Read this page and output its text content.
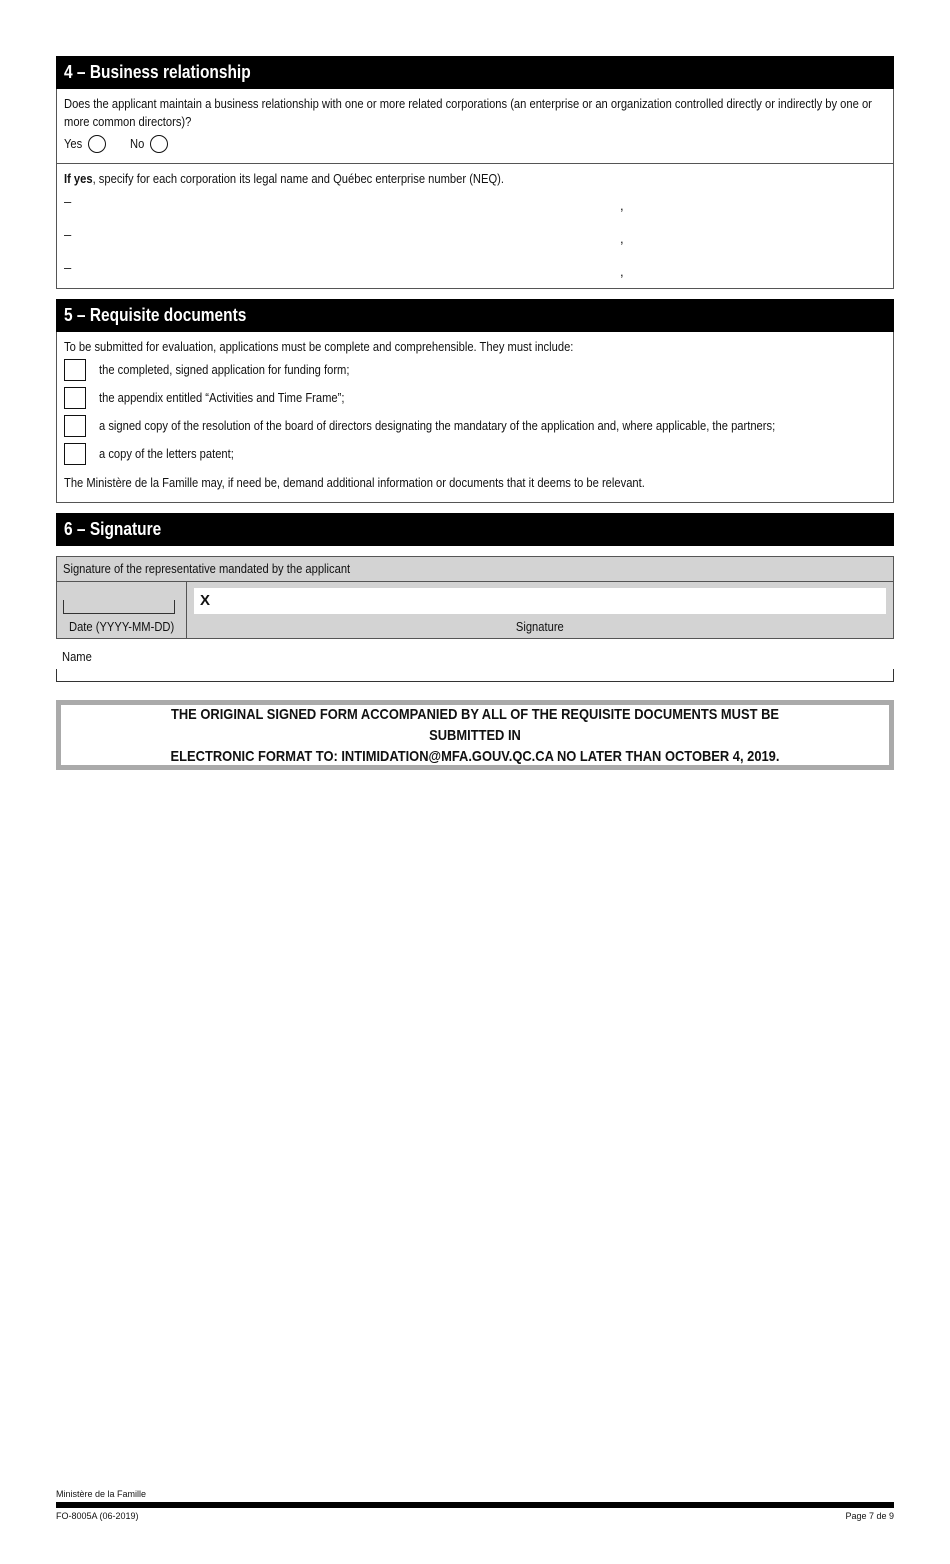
4 – Business relationship
Does the applicant maintain a business relationship with one or more related corporations (an enterprise or an organization controlled directly or indirectly by one or more common directors)?
Yes	No
If yes, specify for each corporation its legal name and Québec enterprise number (NEQ).
–	,
–	,
–	,
5 – Requisite documents
To be submitted for evaluation, applications must be complete and comprehensible. They must include:
the completed, signed application for funding form;
the appendix entitled “Activities and Time Frame”;
a signed copy of the resolution of the board of directors designating the mandatary of the application and, where applicable, the partners;
a copy of the letters patent;
The Ministère de la Famille may, if need be, demand additional information or documents that it deems to be relevant.
6 – Signature
Signature of the representative mandated by the applicant
Date (YYYY-MM-DD)
X
Signature
Name
THE ORIGINAL SIGNED FORM ACCOMPANIED BY ALL OF THE REQUISITE DOCUMENTS MUST BE SUBMITTED IN
ELECTRONIC FORMAT TO: INTIMIDATION@MFA.GOUV.QC.CA NO LATER THAN OCTOBER 4, 2019.
Ministère de la Famille
FO-8005A (06-2019)	Page 7 de 9
